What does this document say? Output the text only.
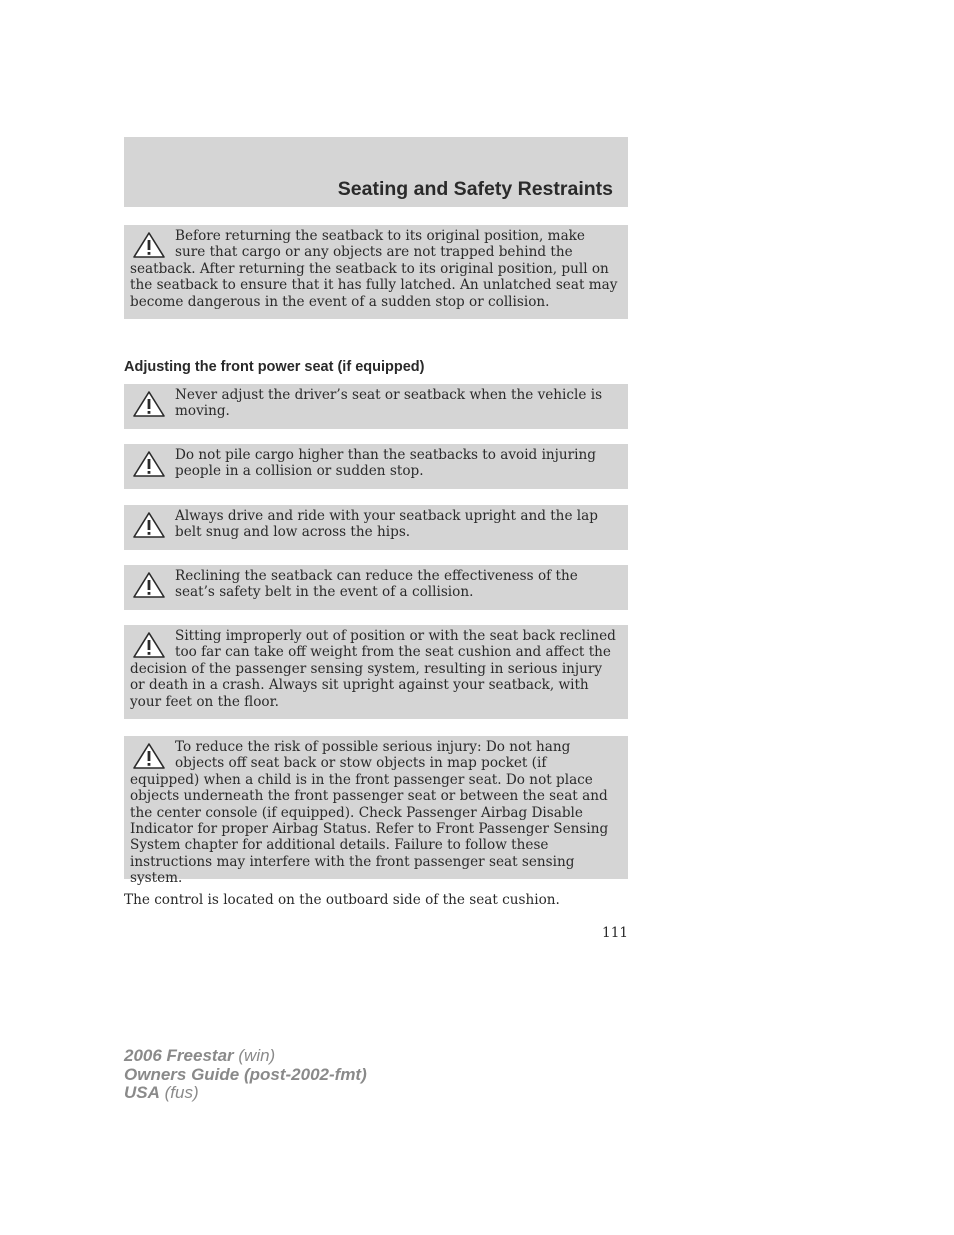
Seating and Safety Restraints
Before returning the seatback to its original position, make sure that cargo or any objects are not trapped behind the seatback. After returning the seatback to its original position, pull on the seatback to ensure that it has fully latched. An unlatched seat may become dangerous in the event of a sudden stop or collision.
Adjusting the front power seat (if equipped)
Never adjust the driver’s seat or seatback when the vehicle is moving.
Do not pile cargo higher than the seatbacks to avoid injuring people in a collision or sudden stop.
Always drive and ride with your seatback upright and the lap belt snug and low across the hips.
Reclining the seatback can reduce the effectiveness of the seat’s safety belt in the event of a collision.
Sitting improperly out of position or with the seat back reclined too far can take off weight from the seat cushion and affect the decision of the passenger sensing system, resulting in serious injury or death in a crash. Always sit upright against your seatback, with your feet on the floor.
To reduce the risk of possible serious injury: Do not hang objects off seat back or stow objects in map pocket (if equipped) when a child is in the front passenger seat. Do not place objects underneath the front passenger seat or between the seat and the center console (if equipped). Check Passenger Airbag Disable Indicator for proper Airbag Status. Refer to Front Passenger Sensing System chapter for additional details. Failure to follow these instructions may interfere with the front passenger seat sensing system.
The control is located on the outboard side of the seat cushion.
111
2006 Freestar (win)
Owners Guide (post-2002-fmt)
USA (fus)
